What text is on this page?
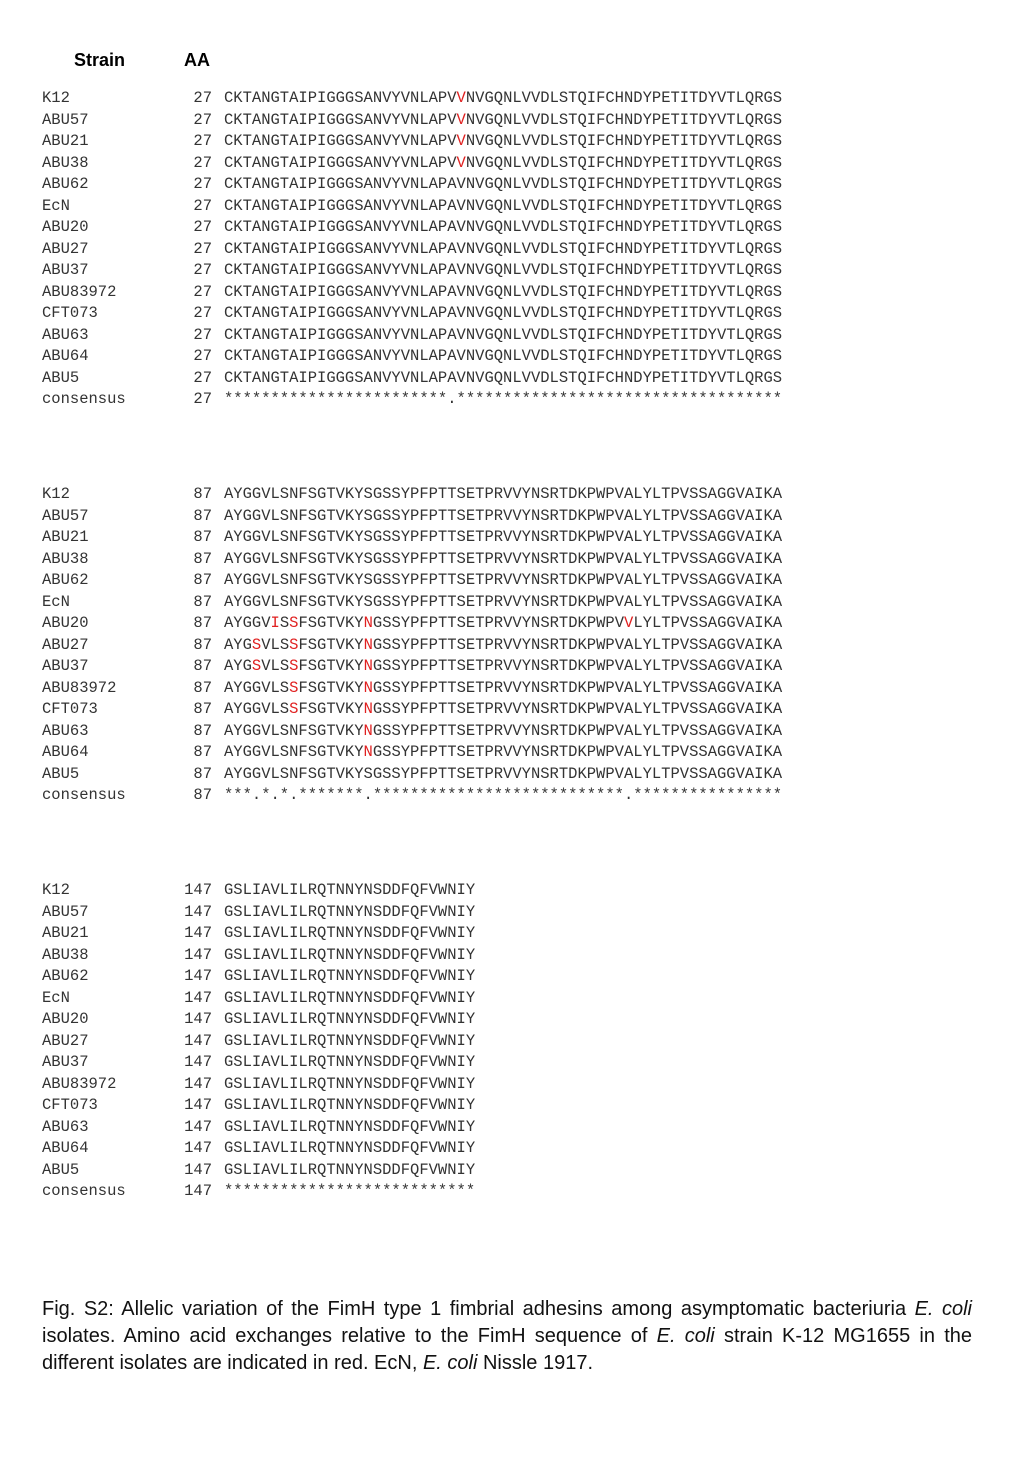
Strain	AA
K12	27 CKTANGTAIPIGGGSANVYVNLAPVVNVGQNLVVDLSTQIFCHNDYPETITDYVTLQRGS
ABU57	27 CKTANGTAIPIGGGSANVYVNLAPVVNVGQNLVVDLSTQIFCHNDYPETITDYVTLQRGS
ABU21	27 CKTANGTAIPIGGGSANVYVNLAPVVNVGQNLVVDLSTQIFCHNDYPETITDYVTLQRGS
ABU38	27 CKTANGTAIPIGGGSANVYVNLAPVVNVGQNLVVDLSTQIFCHNDYPETITDYVTLQRGS
ABU62	27 CKTANGTAIPIGGGSANVYVNLAPAVNVGQNLVVDLSTQIFCHNDYPETITDYVTLQRGS
EcN	27 CKTANGTAIPIGGGSANVYVNLAPAVNVGQNLVVDLSTQIFCHNDYPETITDYVTLQRGS
ABU20	27 CKTANGTAIPIGGGSANVYVNLAPAVNVGQNLVVDLSTQIFCHNDYPETITDYVTLQRGS
ABU27	27 CKTANGTAIPIGGGSANVYVNLAPAVNVGQNLVVDLSTQIFCHNDYPETITDYVTLQRGS
ABU37	27 CKTANGTAIPIGGGSANVYVNLAPAVNVGQNLVVDLSTQIFCHNDYPETITDYVTLQRGS
ABU83972	27 CKTANGTAIPIGGGSANVYVNLAPAVNVGQNLVVDLSTQIFCHNDYPETITDYVTLQRGS
CFT073	27 CKTANGTAIPIGGGSANVYVNLAPAVNVGQNLVVDLSTQIFCHNDYPETITDYVTLQRGS
ABU63	27 CKTANGTAIPIGGGSANVYVNLAPAVNVGQNLVVDLSTQIFCHNDYPETITDYVTLQRGS
ABU64	27 CKTANGTAIPIGGGSANVYVNLAPAVNVGQNLVVDLSTQIFCHNDYPETITDYVTLQRGS
ABU5	27 CKTANGTAIPIGGGSANVYVNLAPAVNVGQNLVVDLSTQIFCHNDYPETITDYVTLQRGS
consensus	27 ************************.***********************************
K12	87 AYGGVLSNFSGTVKYSGSSYPFPTTSETPRVVYNSRTDKPWPVALYLTPVSSAGGVAIKA
ABU57	87 AYGGVLSNFSGTVKYSGSSYPFPTTSETPRVVYNSRTDKPWPVALYLTPVSSAGGVAIKA
ABU21	87 AYGGVLSNFSGTVKYSGSSYPFPTTSETPRVVYNSRTDKPWPVALYLTPVSSAGGVAIKA
ABU38	87 AYGGVLSNFSGTVKYSGSSYPFPTTSETPRVVYNSRTDKPWPVALYLTPVSSAGGVAIKA
ABU62	87 AYGGVLSNFSGTVKYSGSSYPFPTTSETPRVVYNSRTDKPWPVALYLTPVSSAGGVAIKA
EcN	87 AYGGVLSNFSGTVKYSGSSYPFPTTSETPRVVYNSRTDKPWPVALYLTPVSSAGGVAIKA
ABU20	87 AYGGVISSFSGTVKYNGSSYPFPTTSETPRVVYNSRTDKPWPVVLYLTPVSSAGGVAIKA
ABU27	87 AYGSVLSSFSGTVKYNGSSYPFPTTSETPRVVYNSRTDKPWPVALYLTPVSSAGGVAIKA
ABU37	87 AYGSVLSSFSGTVKYNGSSYPFPTTSETPRVVYNSRTDKPWPVALYLTPVSSAGGVAIKA
ABU83972	87 AYGGVLSSFSGTVKYNGSSYPFPTTSETPRVVYNSRTDKPWPVALYLTPVSSAGGVAIKA
CFT073	87 AYGGVLSSFSGTVKYNGSSYPFPTTSETPRVVYNSRTDKPWPVALYLTPVSSAGGVAIKA
ABU63	87 AYGGVLSNFSGTVKYNGSSYPFPTTSETPRVVYNSRTDKPWPVALYLTPVSSAGGVAIKA
ABU64	87 AYGGVLSNFSGTVKYNGSSYPFPTTSETPRVVYNSRTDKPWPVALYLTPVSSAGGVAIKA
ABU5	87 AYGGVLSNFSGTVKYSGSSYPFPTTSETPRVVYNSRTDKPWPVALYLTPVSSAGGVAIKA
consensus	87 ***.*.*.*******.***************************.****************
K12	147 GSLIAVLILRQTNNYNSDDFQFVWNIY
ABU57	147 GSLIAVLILRQTNNYNSDDFQFVWNIY
ABU21	147 GSLIAVLILRQTNNYNSDDFQFVWNIY
ABU38	147 GSLIAVLILRQTNNYNSDDFQFVWNIY
ABU62	147 GSLIAVLILRQTNNYNSDDFQFVWNIY
EcN	147 GSLIAVLILRQTNNYNSDDFQFVWNIY
ABU20	147 GSLIAVLILRQTNNYNSDDFQFVWNIY
ABU27	147 GSLIAVLILRQTNNYNSDDFQFVWNIY
ABU37	147 GSLIAVLILRQTNNYNSDDFQFVWNIY
ABU83972	147 GSLIAVLILRQTNNYNSDDFQFVWNIY
CFT073	147 GSLIAVLILRQTNNYNSDDFQFVWNIY
ABU63	147 GSLIAVLILRQTNNYNSDDFQFVWNIY
ABU64	147 GSLIAVLILRQTNNYNSDDFQFVWNIY
ABU5	147 GSLIAVLILRQTNNYNSDDFQFVWNIY
consensus	147 ***************************
Fig. S2: Allelic variation of the FimH type 1 fimbrial adhesins among asymptomatic bacteriuria E. coli isolates. Amino acid exchanges relative to the FimH sequence of E. coli strain K-12 MG1655 in the different isolates are indicated in red. EcN, E. coli Nissle 1917.
